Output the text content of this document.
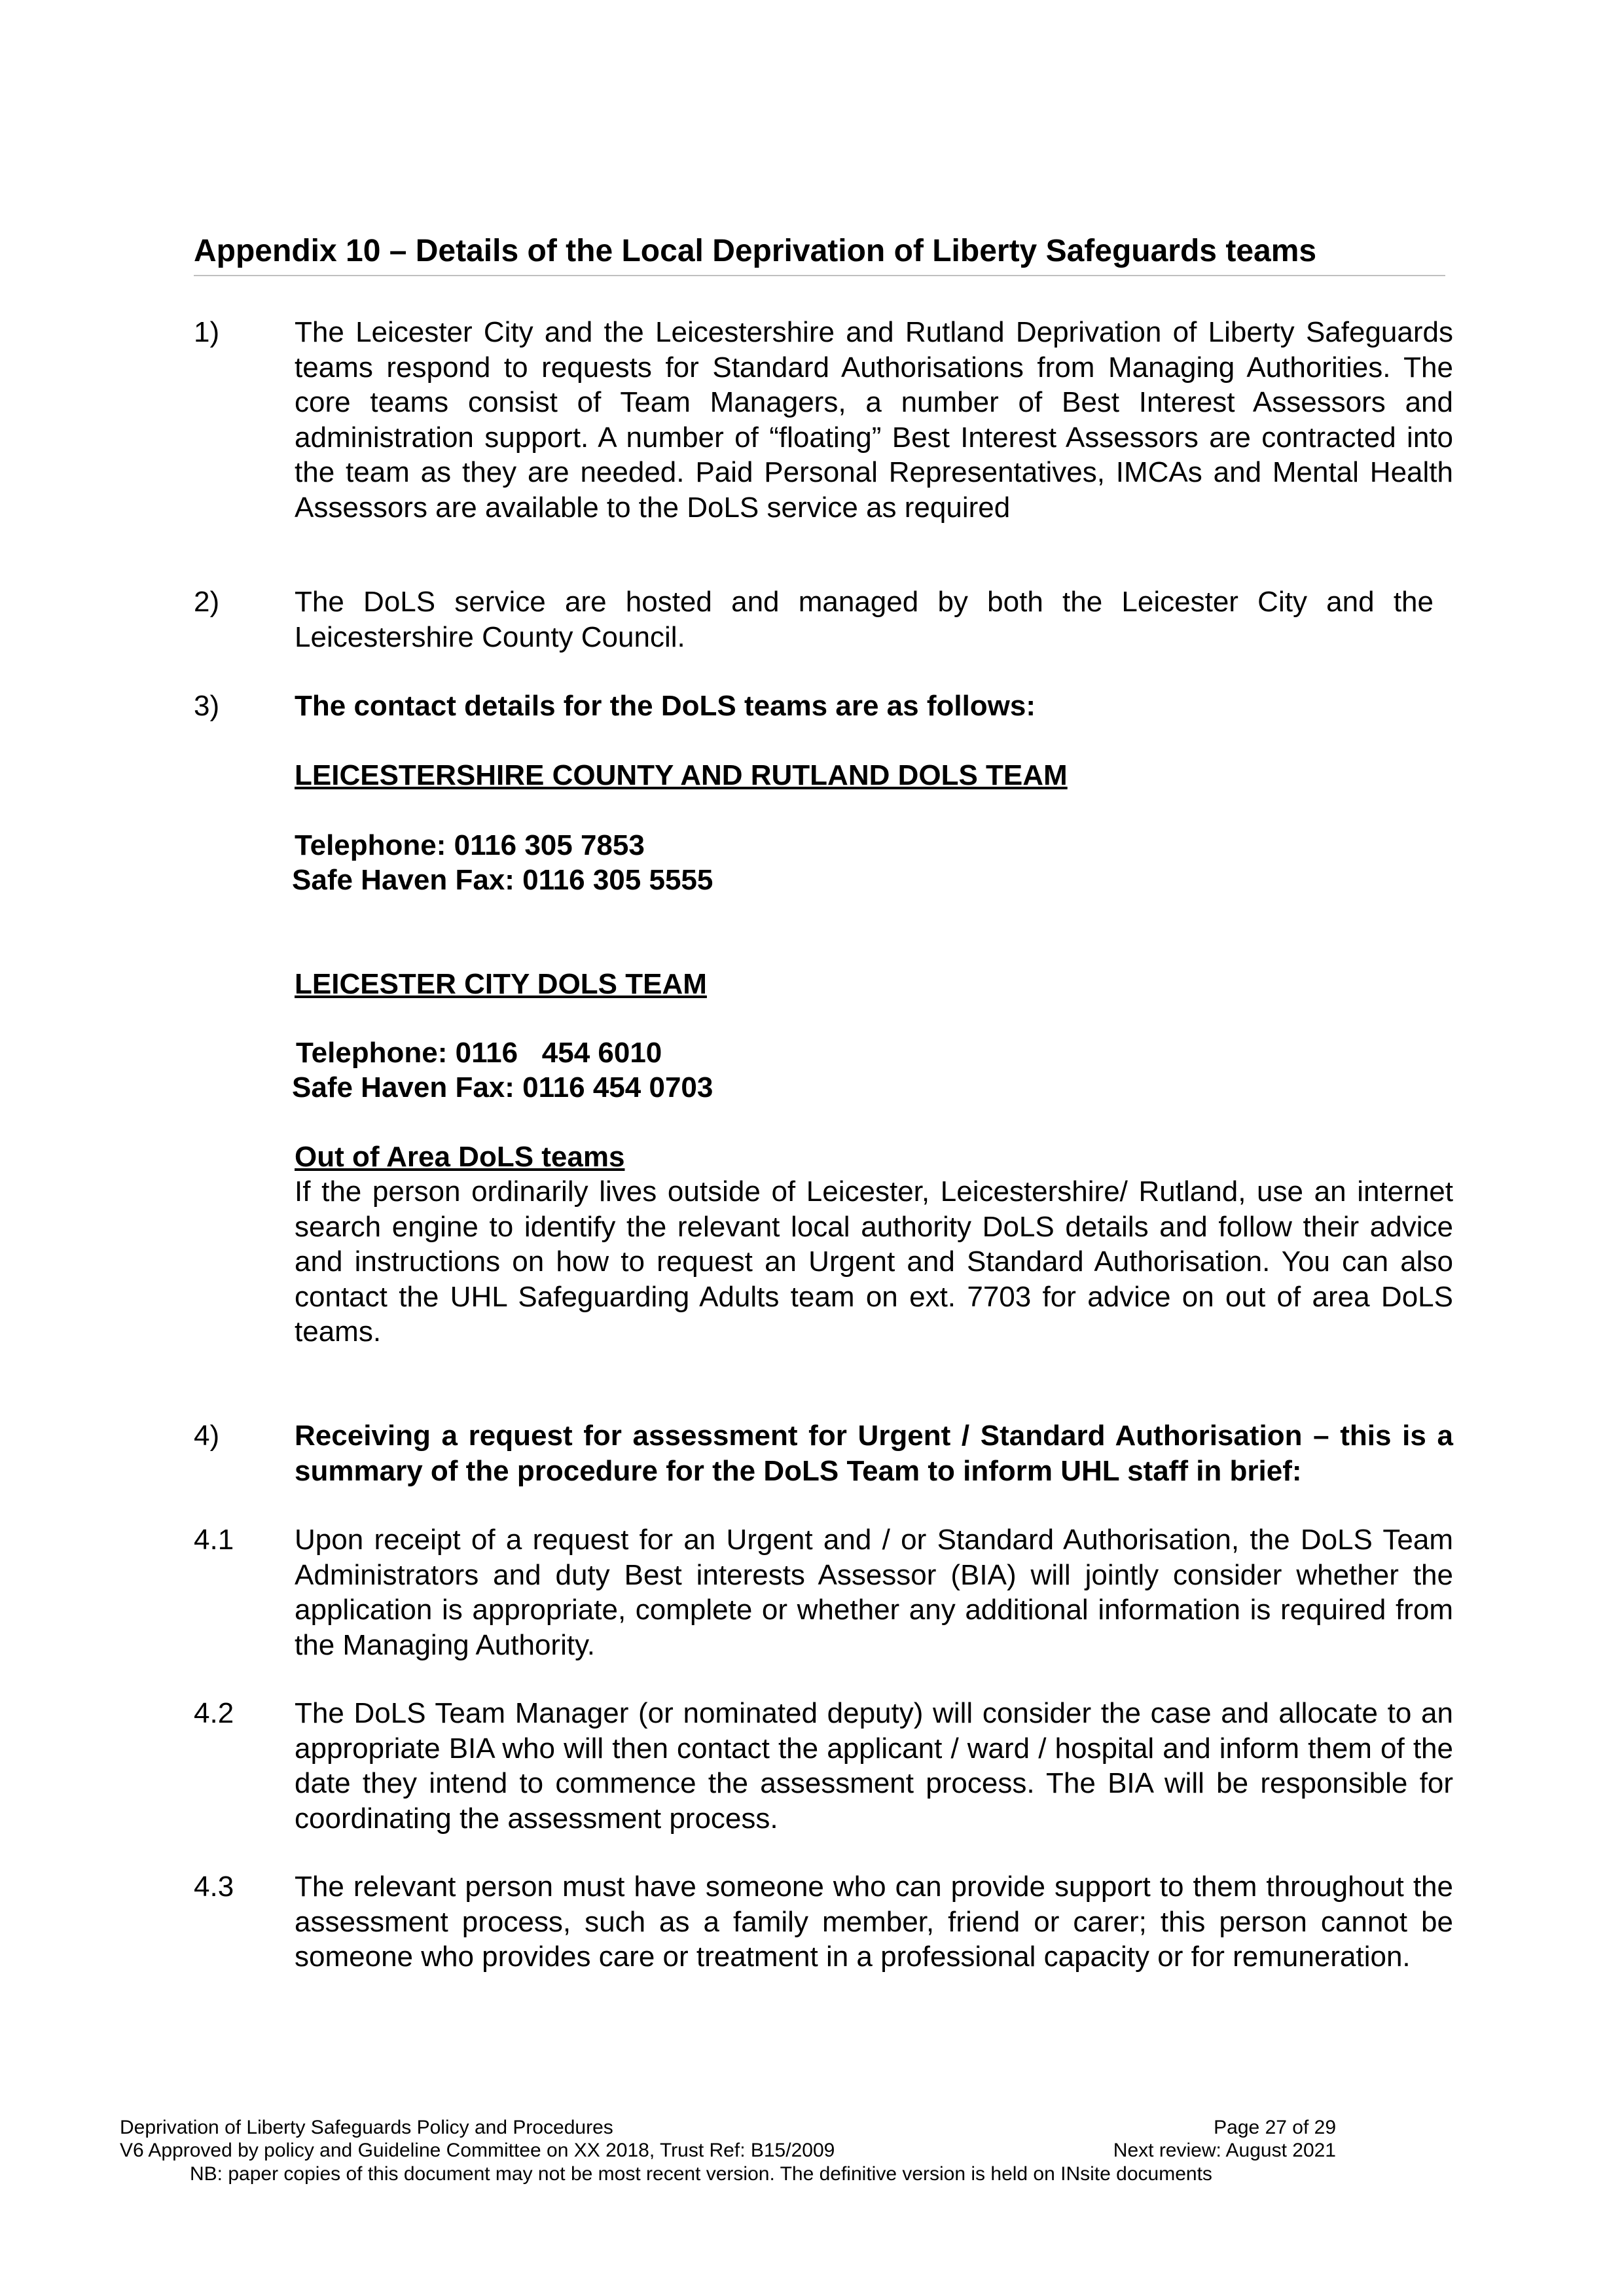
Appendix 10 – Details of the Local Deprivation of Liberty Safeguards teams
1)	The Leicester City and the Leicestershire and Rutland Deprivation of Liberty Safeguards teams respond to requests for Standard Authorisations from Managing Authorities. The core teams consist of Team Managers, a number of Best Interest Assessors and administration support. A number of “floating” Best Interest Assessors are contracted into the team as they are needed. Paid Personal Representatives, IMCAs and Mental Health Assessors are available to the DoLS service as required
2)	The DoLS service are hosted and managed by both the Leicester City and the Leicestershire County Council.
3)	The contact details for the DoLS teams are as follows:
LEICESTERSHIRE COUNTY AND RUTLAND DOLS TEAM
Telephone: 0116 305 7853
Safe Haven Fax: 0116 305 5555
LEICESTER CITY DOLS TEAM
Telephone: 0116   454 6010
Safe Haven Fax: 0116 454 0703
Out of Area DoLS teams
If the person ordinarily lives outside of Leicester, Leicestershire/ Rutland, use an internet search engine to identify the relevant local authority DoLS details and follow their advice and instructions on how to request an Urgent and Standard Authorisation. You can also contact the UHL Safeguarding Adults team on ext. 7703 for advice on out of area DoLS teams.
4)	Receiving a request for assessment for Urgent / Standard Authorisation – this is a summary of the procedure for the DoLS Team to inform UHL staff in brief:
4.1 Upon receipt of a request for an Urgent and / or Standard Authorisation, the DoLS Team Administrators and duty Best interests Assessor (BIA) will jointly consider whether the application is appropriate, complete or whether any additional information is required from the Managing Authority.
4.2 The DoLS Team Manager (or nominated deputy) will consider the case and allocate to an appropriate BIA who will then contact the applicant / ward / hospital and inform them of the date they intend to commence the assessment process. The BIA will be responsible for coordinating the assessment process.
4.3 The relevant person must have someone who can provide support to them throughout the assessment process, such as a family member, friend or carer; this person cannot be someone who provides care or treatment in a professional capacity or for remuneration.
Deprivation of Liberty Safeguards Policy and Procedures	Page 27 of 29
V6 Approved by policy and Guideline Committee on XX 2018, Trust Ref: B15/2009	Next review: August 2021
NB: paper copies of this document may not be most recent version. The definitive version is held on INsite documents
